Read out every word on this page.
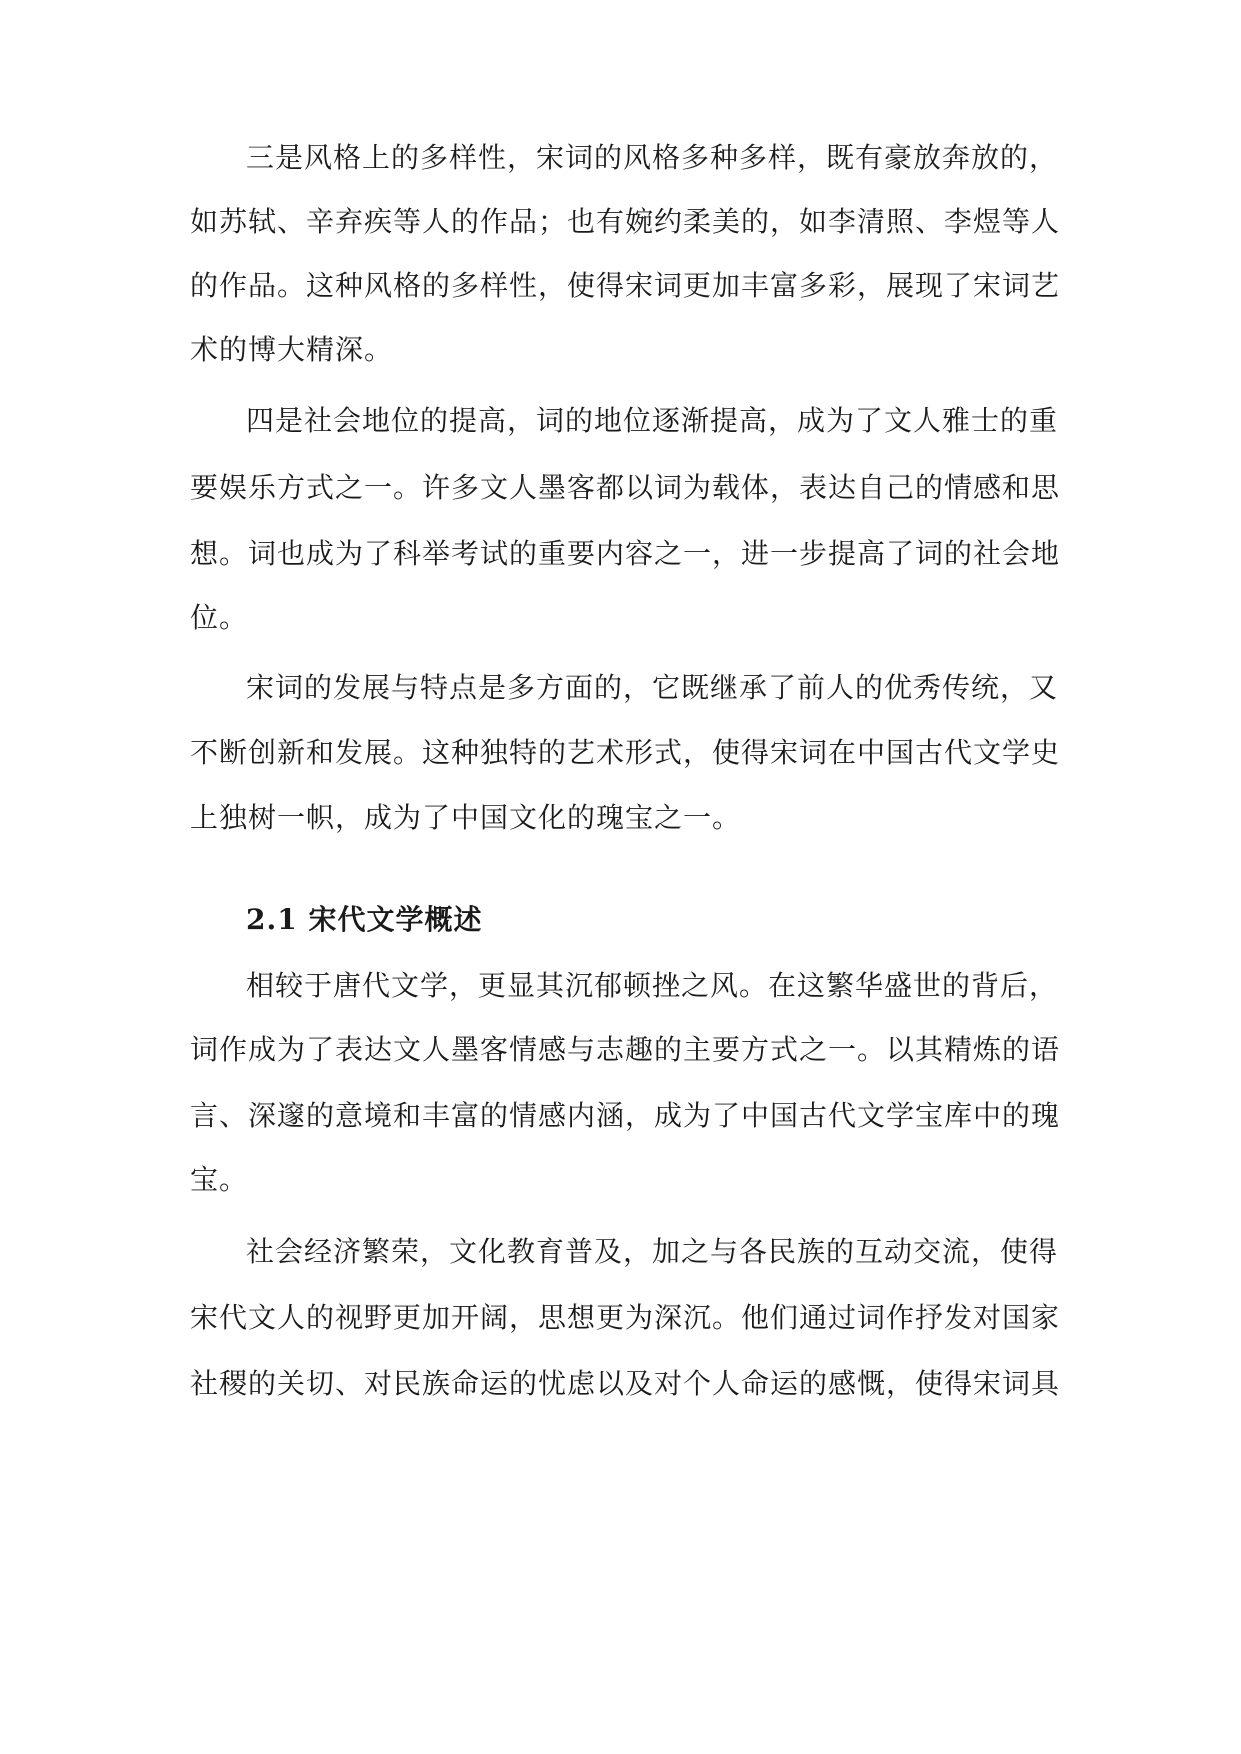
三是风格上的多样性，宋词的风格多种多样，既有豪放奔放的，
如苏轼、辛弃疾等人的作品；也有婉约柔美的，如李清照、李煜等人
的作品。这种风格的多样性，使得宋词更加丰富多彩，展现了宋词艺
术的博大精深。
四是社会地位的提高，词的地位逐渐提高，成为了文人雅士的重
要娱乐方式之一。许多文人墨客都以词为载体，表达自己的情感和思
想。词也成为了科举考试的重要内容之一，进一步提高了词的社会地
位。
宋词的发展与特点是多方面的，它既继承了前人的优秀传统，又
不断创新和发展。这种独特的艺术形式，使得宋词在中国古代文学史
上独树一帜，成为了中国文化的瑰宝之一。
2.1 宋代文学概述
相较于唐代文学，更显其沉郁顿挫之风。在这繁华盛世的背后，
词作成为了表达文人墨客情感与志趣的主要方式之一。以其精炼的语
言、深邃的意境和丰富的情感内涵，成为了中国古代文学宝库中的瑰
宝。
社会经济繁荣，文化教育普及，加之与各民族的互动交流，使得
宋代文人的视野更加开阔，思想更为深沉。他们通过词作抒发对国家
社稷的关切、对民族命运的忧虑以及对个人命运的感慨，使得宋词具
